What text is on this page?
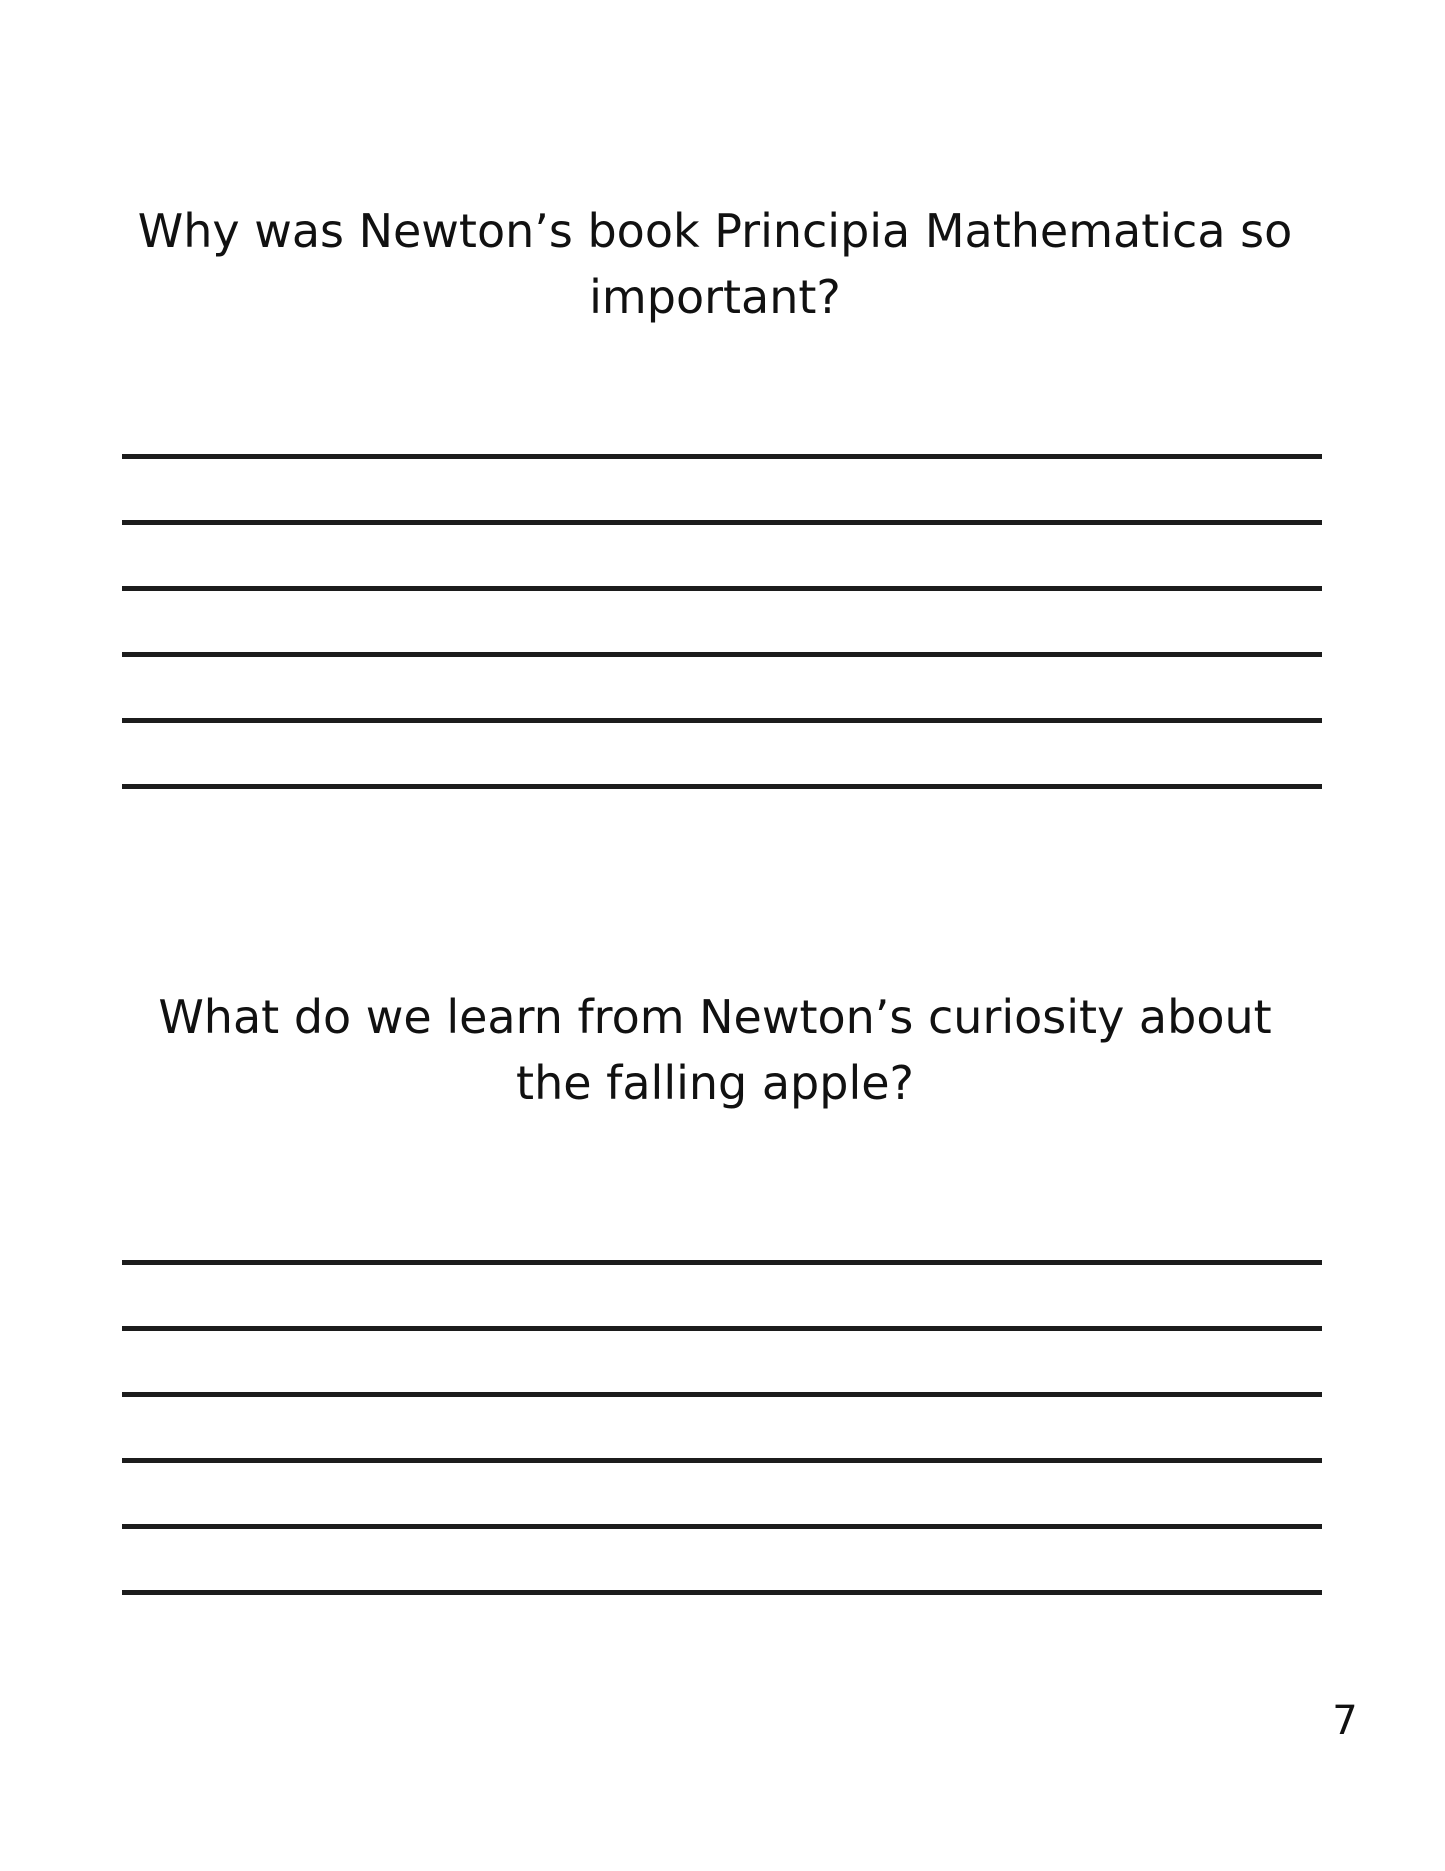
Why was Newton’s book Principia Mathematica so
important?

What do we learn from Newton’s curiosity about
the falling apple?

7
